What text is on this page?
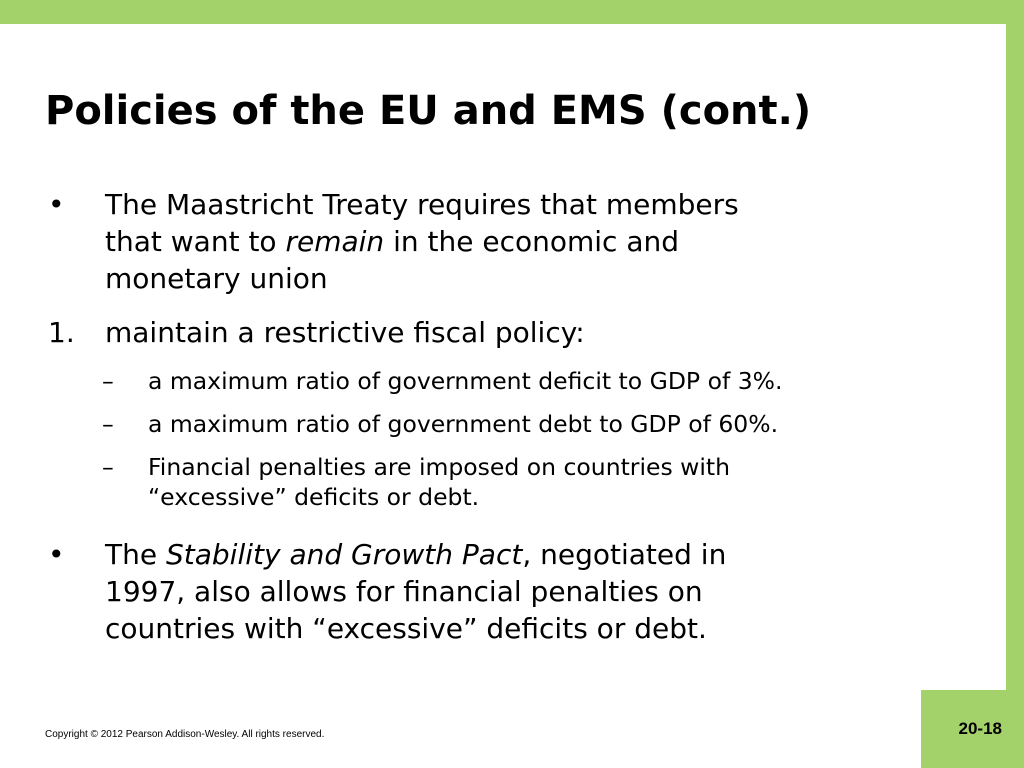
Policies of the EU and EMS (cont.)
• The Maastricht Treaty requires that members
that want to remain in the economic and
monetary union
1. maintain a restrictive fiscal policy:
– a maximum ratio of government deficit to GDP of 3%.
– a maximum ratio of government debt to GDP of 60%.
– Financial penalties are imposed on countries with
“excessive” deficits or debt.
• The Stability and Growth Pact, negotiated in
1997, also allows for financial penalties on
countries with “excessive” deficits or debt.
Copyright © 2012 Pearson Addison-Wesley. All rights reserved.	20-18
